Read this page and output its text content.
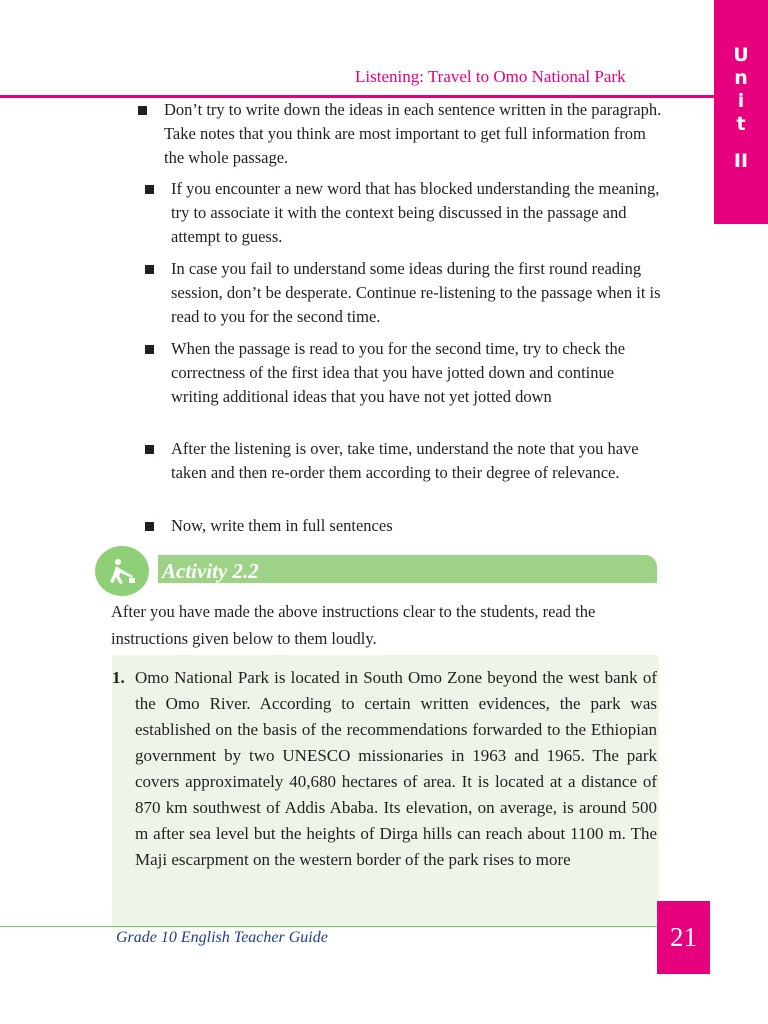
U
n
i
t
II
Listening: Travel to Omo National Park
Don’t try to write down the ideas in each sentence written in the paragraph. Take notes that you think are most important to get full information from the whole passage.
If you encounter a new word that has blocked understanding the meaning, try to associate it with the context being discussed in the passage and attempt to guess.
In case you fail to understand some ideas during the first round reading session, don’t be desperate. Continue re-listening to the passage when it is read to you for the second time.
When the passage is read to you for the second time, try to check the correctness of the first idea that you have jotted down and continue writing additional ideas that you have not yet jotted down
After the listening is over, take time, understand the note that you have taken and then re-order them according to their degree of relevance.
Now, write them in full sentences
Activity 2.2
After you have made the above instructions clear to the students, read the instructions given below to them loudly.
1. Omo National Park is located in South Omo Zone beyond the west bank of the Omo River. According to certain written evidences, the park was established on the basis of the recommendations forwarded to the Ethiopian government by two UNESCO missionaries in 1963 and 1965. The park covers approximately 40,680 hectares of area. It is located at a distance of 870 km southwest of Addis Ababa. Its elevation, on average, is around 500 m after sea level but the heights of Dirga hills can reach about 1100 m. The Maji escarpment on the western border of the park rises to more
Grade 10 English Teacher Guide	21
